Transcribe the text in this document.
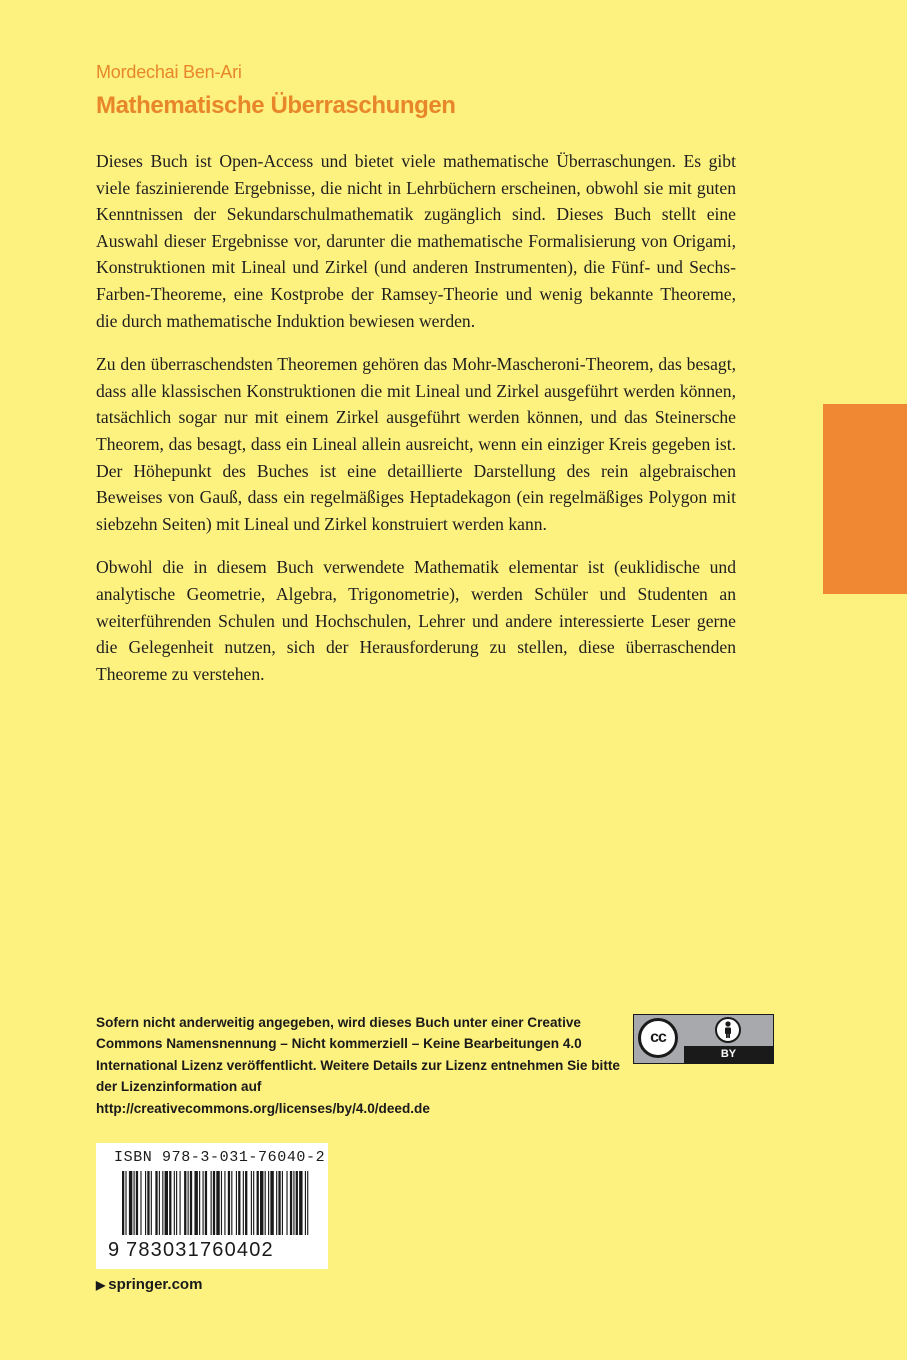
Mordechai Ben-Ari
Mathematische Überraschungen

Dieses Buch ist Open-Access und bietet viele mathematische Überraschungen. Es gibt viele faszinierende Ergebnisse, die nicht in Lehrbüchern erscheinen, obwohl sie mit guten Kenntnissen der Sekundarschulmathematik zugänglich sind. Dieses Buch stellt eine Auswahl dieser Ergebnisse vor, darunter die mathematische Formalisierung von Origami, Konstruktionen mit Lineal und Zirkel (und anderen Instrumenten), die Fünf- und Sechs-Farben-Theoreme, eine Kostprobe der Ramsey-Theorie und wenig bekannte Theoreme, die durch mathematische Induktion bewiesen werden.

Zu den überraschendsten Theoremen gehören das Mohr-Mascheroni-Theorem, das besagt, dass alle klassischen Konstruktionen die mit Lineal und Zirkel ausgeführt werden können, tatsächlich sogar nur mit einem Zirkel ausgeführt werden können, und das Steinersche Theorem, das besagt, dass ein Lineal allein ausreicht, wenn ein einziger Kreis gegeben ist. Der Höhepunkt des Buches ist eine detaillierte Darstellung des rein algebraischen Beweises von Gauß, dass ein regelmäßiges Heptadekagon (ein regelmäßiges Polygon mit siebzehn Seiten) mit Lineal und Zirkel konstruiert werden kann.

Obwohl die in diesem Buch verwendete Mathematik elementar ist (euklidische und analytische Geometrie, Algebra, Trigonometrie), werden Schüler und Studenten an weiterführenden Schulen und Hochschulen, Lehrer und andere interessierte Leser gerne die Gelegenheit nutzen, sich der Herausforderung zu stellen, diese überraschenden Theoreme zu verstehen.

Sofern nicht anderweitig angegeben, wird dieses Buch unter einer Creative Commons Namensnennung – Nicht kommerziell – Keine Bearbeitungen 4.0 International Lizenz veröffentlicht. Weitere Details zur Lizenz entnehmen Sie bitte der Lizenzinformation auf
http://creativecommons.org/licenses/by/4.0/deed.de
cc
BY
ISBN 978-3-031-76040-2
9 783031760402
▶ springer.com
